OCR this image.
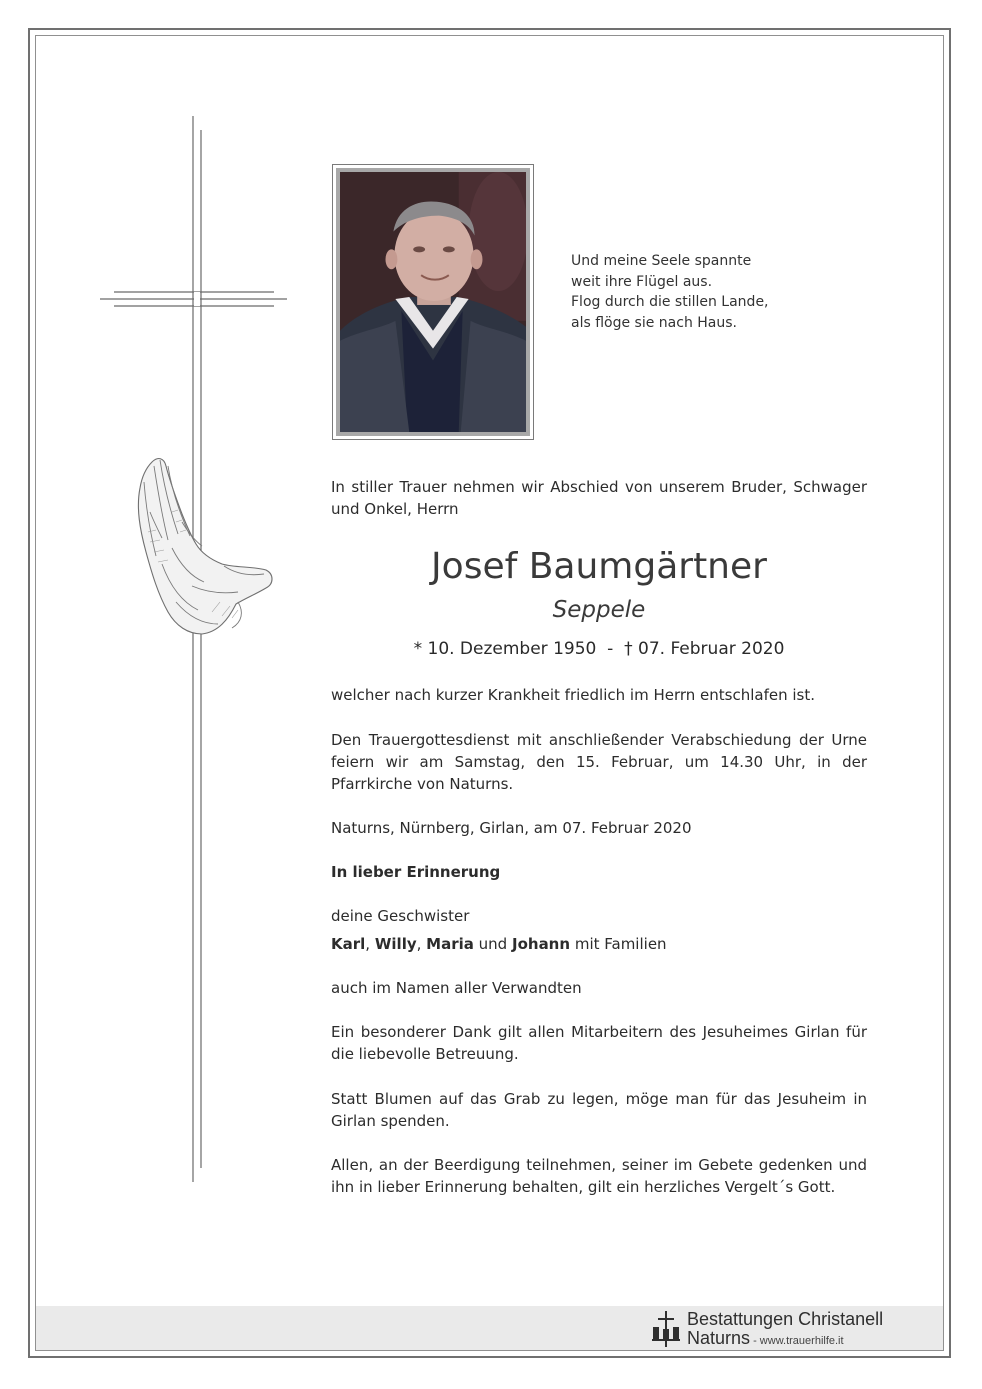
Und meine Seele spannte
weit ihre Flügel aus.
Flog durch die stillen Lande,
als flöge sie nach Haus.
In stiller Trauer nehmen wir Abschied von unserem Bruder, Schwager und Onkel, Herrn
Josef Baumgärtner
Seppele
* 10. Dezember 1950 - † 07. Februar 2020
welcher nach kurzer Krankheit friedlich im Herrn entschlafen ist.
Den Trauergottesdienst mit anschließender Verabschiedung der Urne feiern wir am Samstag, den 15. Februar, um 14.30 Uhr, in der Pfarrkirche von Naturns.
Naturns, Nürnberg, Girlan, am 07. Februar 2020
In lieber Erinnerung
deine Geschwister
Karl, Willy, Maria und Johann mit Familien
auch im Namen aller Verwandten
Ein besonderer Dank gilt allen Mitarbeitern des Jesuheimes Girlan für die liebevolle Betreuung.
Statt Blumen auf das Grab zu legen, möge man für das Jesuheim in Girlan spenden.
Allen, an der Beerdigung teilnehmen, seiner im Gebete gedenken und ihn in lieber Erinnerung behalten, gilt ein herzliches Vergelt´s Gott.
Bestattungen Christanell
Naturns - www.trauerhilfe.it
